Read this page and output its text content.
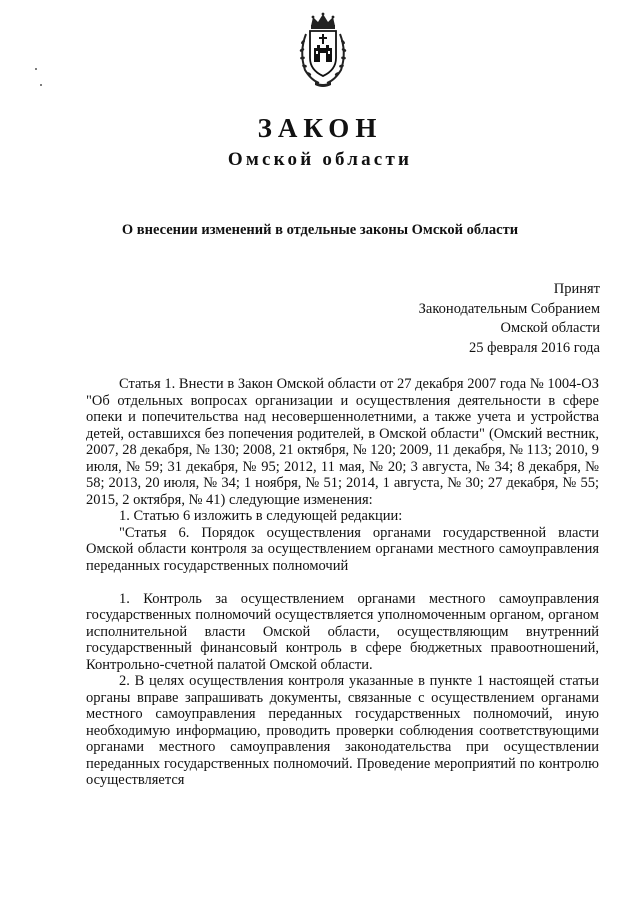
ЗАКОН
Омской области
О внесении изменений в отдельные законы Омской области
Принят
Законодательным Собранием
Омской области
25 февраля 2016 года

Статья 1. Внести в Закон Омской области от 27 декабря 2007 года № 1004-ОЗ "Об отдельных вопросах организации и осуществления деятельности в сфере опеки и попечительства над несовершеннолетними, а также учета и устройства детей, оставшихся без попечения родителей, в Омской области" (Омский вестник, 2007, 28 декабря, № 130; 2008, 21 октября, № 120; 2009, 11 декабря, № 113; 2010, 9 июля, № 59; 31 декабря, № 95; 2012, 11 мая, № 20; 3 августа, № 34; 8 декабря, № 58; 2013, 20 июля, № 34; 1 ноября, № 51; 2014, 1 августа, № 30; 27 декабря, № 55; 2015, 2 октября, № 41) следующие изменения:

1. Статью 6 изложить в следующей редакции:

"Статья 6. Порядок осуществления органами государственной власти Омской области контроля за осуществлением органами местного самоуправления переданных государственных полномочий

1. Контроль за осуществлением органами местного самоуправления государственных полномочий осуществляется уполномоченным органом, органом исполнительной власти Омской области, осуществляющим внутренний государственный финансовый контроль в сфере бюджетных правоотношений, Контрольно-счетной палатой Омской области.

2. В целях осуществления контроля указанные в пункте 1 настоящей статьи органы вправе запрашивать документы, связанные с осуществлением органами местного самоуправления переданных государственных полномочий, иную необходимую информацию, проводить проверки соблюдения соответствующими органами местного самоуправления законодательства при осуществлении переданных государственных полномочий. Проведение мероприятий по контролю осуществляется
